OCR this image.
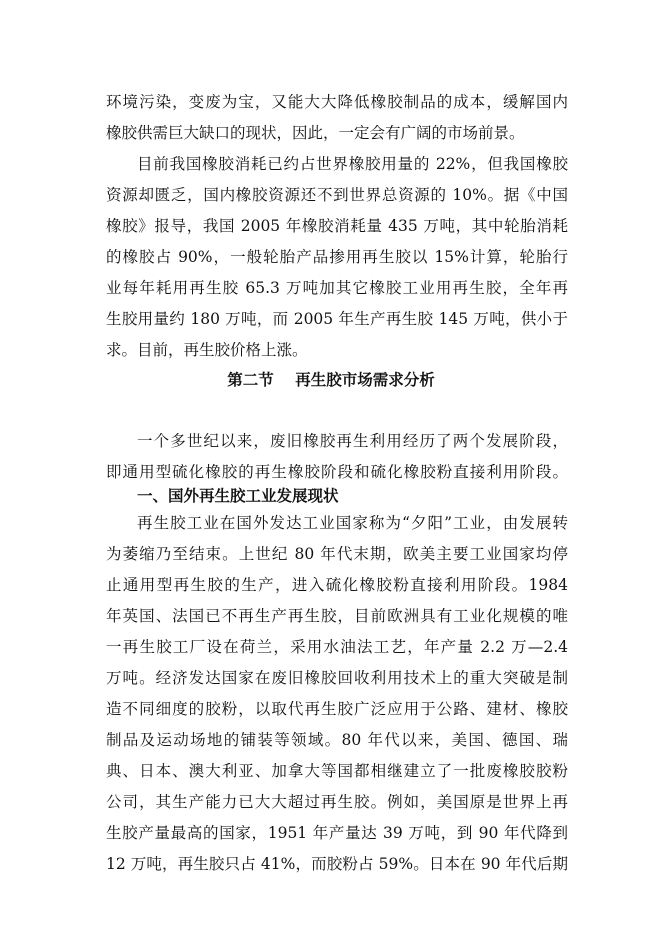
环境污染，变废为宝，又能大大降低橡胶制品的成本，缓解国内
橡胶供需巨大缺口的现状，因此，一定会有广阔的市场前景。
目前我国橡胶消耗已约占世界橡胶用量的 22%，但我国橡胶
资源却匮乏，国内橡胶资源还不到世界总资源的 10%。据《中国
橡胶》报导，我国 2005 年橡胶消耗量 435 万吨，其中轮胎消耗
的橡胶占 90%，一般轮胎产品掺用再生胶以 15%计算，轮胎行
业每年耗用再生胶 65.3 万吨加其它橡胶工业用再生胶，全年再
生胶用量约 180 万吨，而 2005 年生产再生胶 145 万吨，供小于
求。目前，再生胶价格上涨。
第二节    再生胶市场需求分析
一个多世纪以来，废旧橡胶再生利用经历了两个发展阶段，
即通用型硫化橡胶的再生橡胶阶段和硫化橡胶粉直接利用阶段。
一、国外再生胶工业发展现状
再生胶工业在国外发达工业国家称为“夕阳”工业，由发展转
为萎缩乃至结束。上世纪 80 年代末期，欧美主要工业国家均停
止通用型再生胶的生产，进入硫化橡胶粉直接利用阶段。1984
年英国、法国已不再生产再生胶，目前欧洲具有工业化规模的唯
一再生胶工厂设在荷兰，采用水油法工艺，年产量 2.2 万—2.4
万吨。经济发达国家在废旧橡胶回收利用技术上的重大突破是制
造不同细度的胶粉，以取代再生胶广泛应用于公路、建材、橡胶
制品及运动场地的铺装等领域。80 年代以来，美国、德国、瑞
典、日本、澳大利亚、加拿大等国都相继建立了一批废橡胶胶粉
公司，其生产能力已大大超过再生胶。例如，美国原是世界上再
生胶产量最高的国家，1951 年产量达 39 万吨，到 90 年代降到
12 万吨，再生胶只占 41%，而胶粉占 59%。日本在 90 年代后期
